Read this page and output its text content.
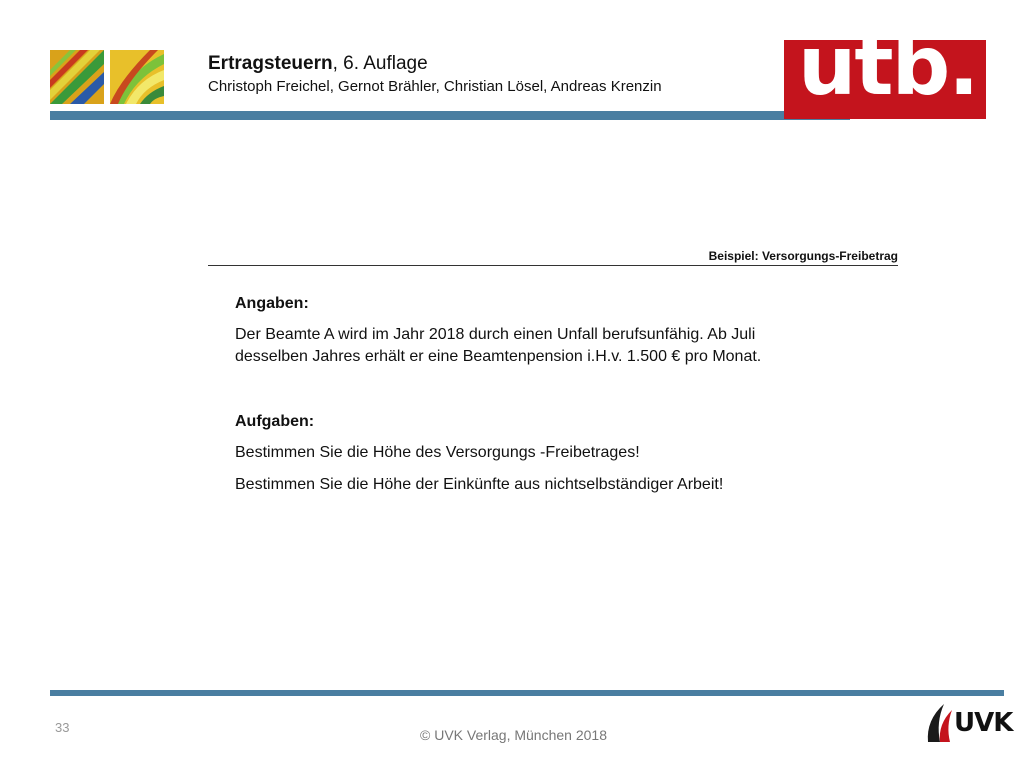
Ertragsteuern, 6. Auflage
Christoph Freichel, Gernot Brähler, Christian Lösel, Andreas Krenzin utb.
Beispiel: Versorgungs-Freibetrag
Angaben:
Der Beamte A wird im Jahr 2018 durch einen Unfall berufsunfähig. Ab Juli
desselben Jahres erhält er eine Beamtenpension i.H.v. 1.500 € pro Monat.
Aufgaben:
Bestimmen Sie die Höhe des Versorgungs -Freibetrages!
Bestimmen Sie die Höhe der Einkünfte aus nichtselbständiger Arbeit!
33	© UVK Verlag, München 2018	UVK
